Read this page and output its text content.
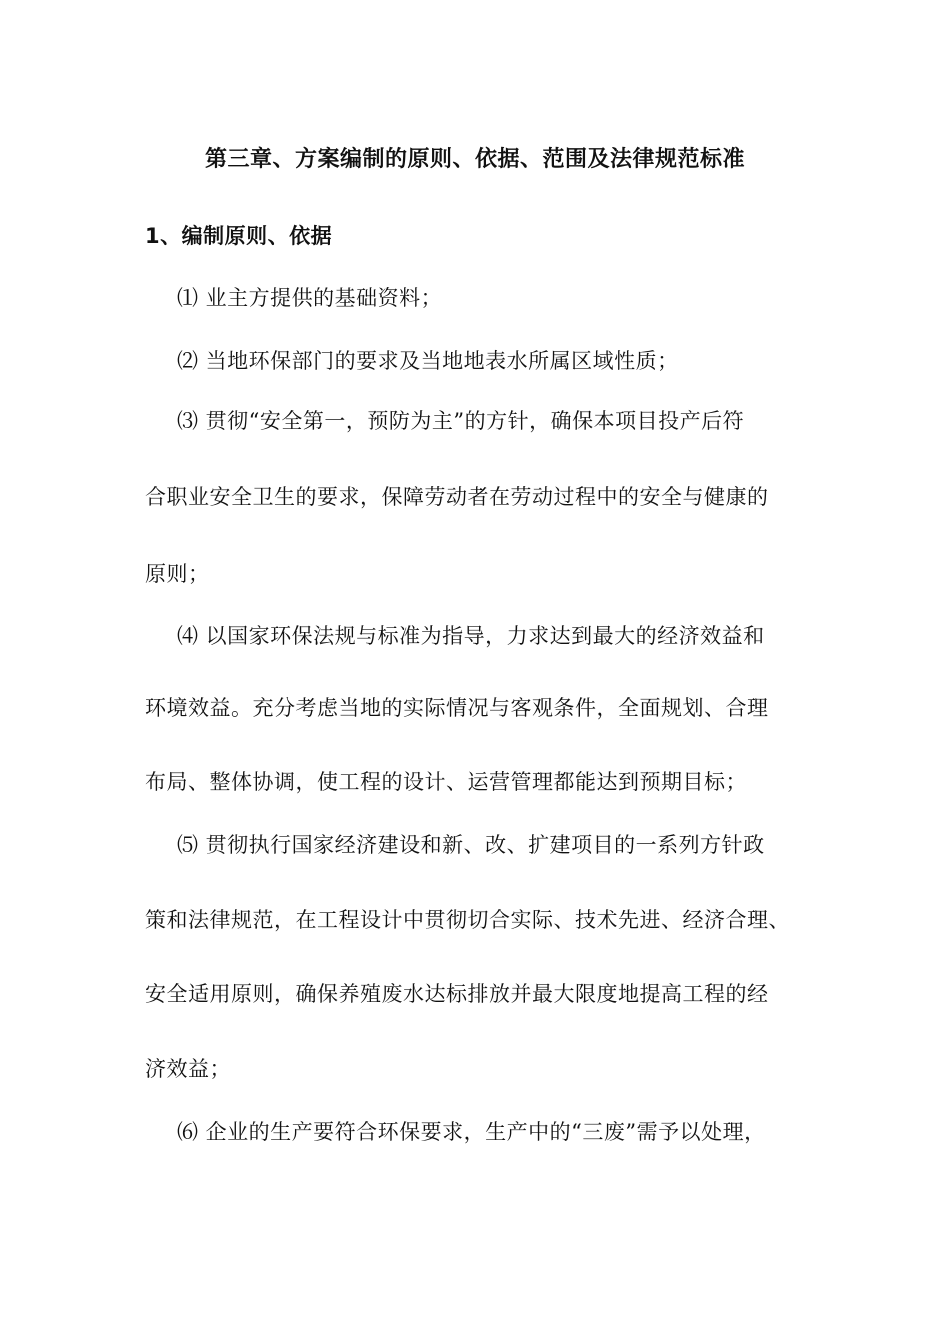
第三章、方案编制的原则、依据、范围及法律规范标准
1、编制原则、依据
⑴ 业主方提供的基础资料；
⑵ 当地环保部门的要求及当地地表水所属区域性质；
⑶ 贯彻“安全第一，预防为主”的方针，确保本项目投产后符
合职业安全卫生的要求，保障劳动者在劳动过程中的安全与健康的
原则；
⑷ 以国家环保法规与标准为指导，力求达到最大的经济效益和
环境效益。充分考虑当地的实际情况与客观条件，全面规划、合理
布局、整体协调，使工程的设计、运营管理都能达到预期目标；
⑸ 贯彻执行国家经济建设和新、改、扩建项目的一系列方针政
策和法律规范，在工程设计中贯彻切合实际、技术先进、经济合理、
安全适用原则，确保养殖废水达标排放并最大限度地提高工程的经
济效益；
⑹ 企业的生产要符合环保要求，生产中的“三废”需予以处理，
